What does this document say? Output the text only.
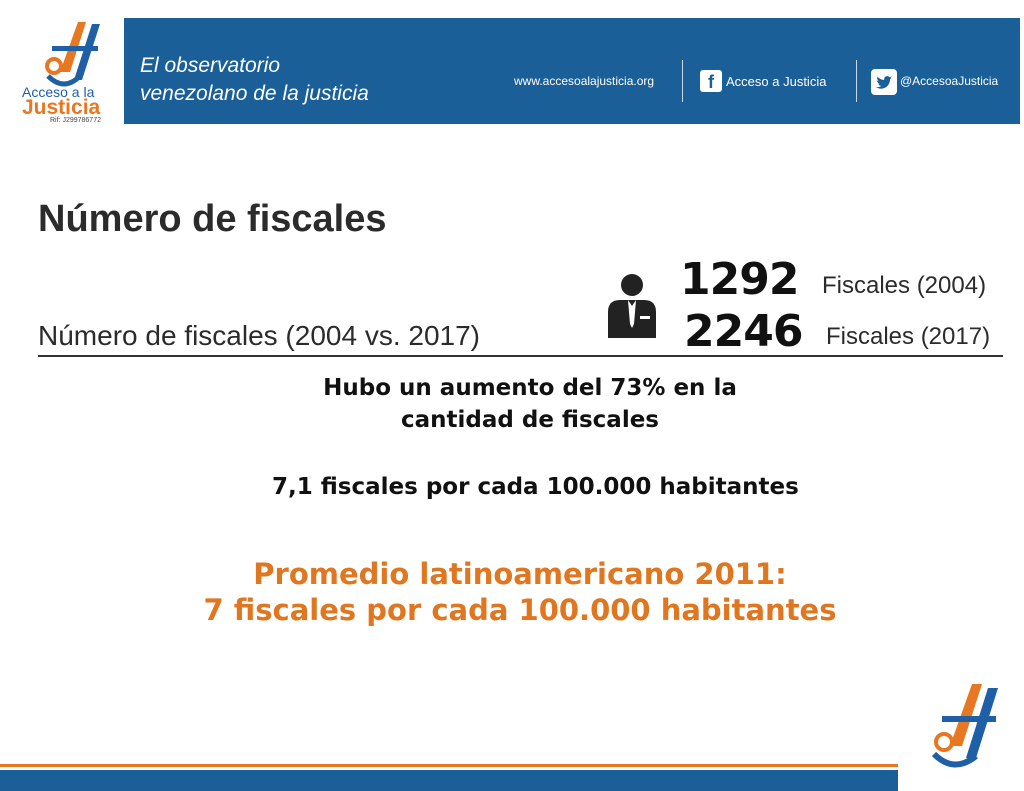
Acceso a la
Justicia
Rif: J299786772
El observatorio
venezolano de la justicia
www.accesoalajusticia.org	f Acceso a Justicia	@AccesoaJusticia
Número de fiscales
Número de fiscales (2004 vs. 2017)
1292 Fiscales (2004)
2246 Fiscales (2017)
Hubo un aumento del 73% en la
cantidad de fiscales
7,1 fiscales por cada 100.000 habitantes
Promedio latinoamericano 2011:
7 fiscales por cada 100.000 habitantes
